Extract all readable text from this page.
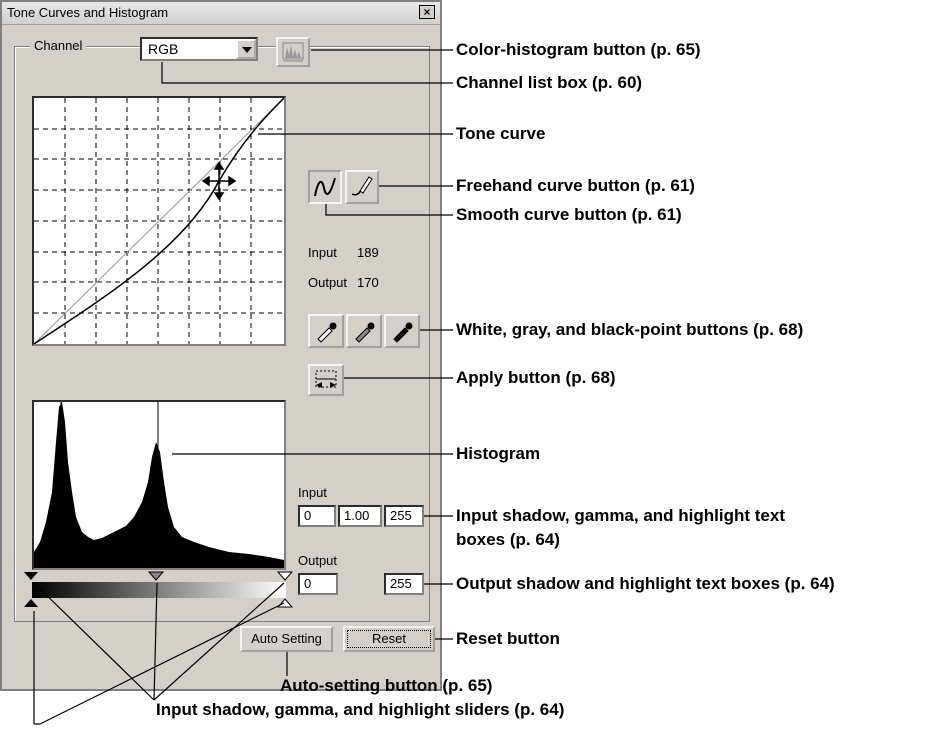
Tone Curves and Histogram	×
Channel	RGB
Input 189
Output 170
Input
0	1.00	255
Output
0	255
Auto Setting	Reset
Color-histogram button (p. 65)
Channel list box (p. 60)
Tone curve
Freehand curve button (p. 61)
Smooth curve button (p. 61)
White, gray, and black-point buttons (p. 68)
Apply button (p. 68)
Histogram
Input shadow, gamma, and highlight text
boxes (p. 64)
Output shadow and highlight text boxes (p. 64)
Reset button
Auto-setting button (p. 65)
Input shadow, gamma, and highlight sliders (p. 64)
